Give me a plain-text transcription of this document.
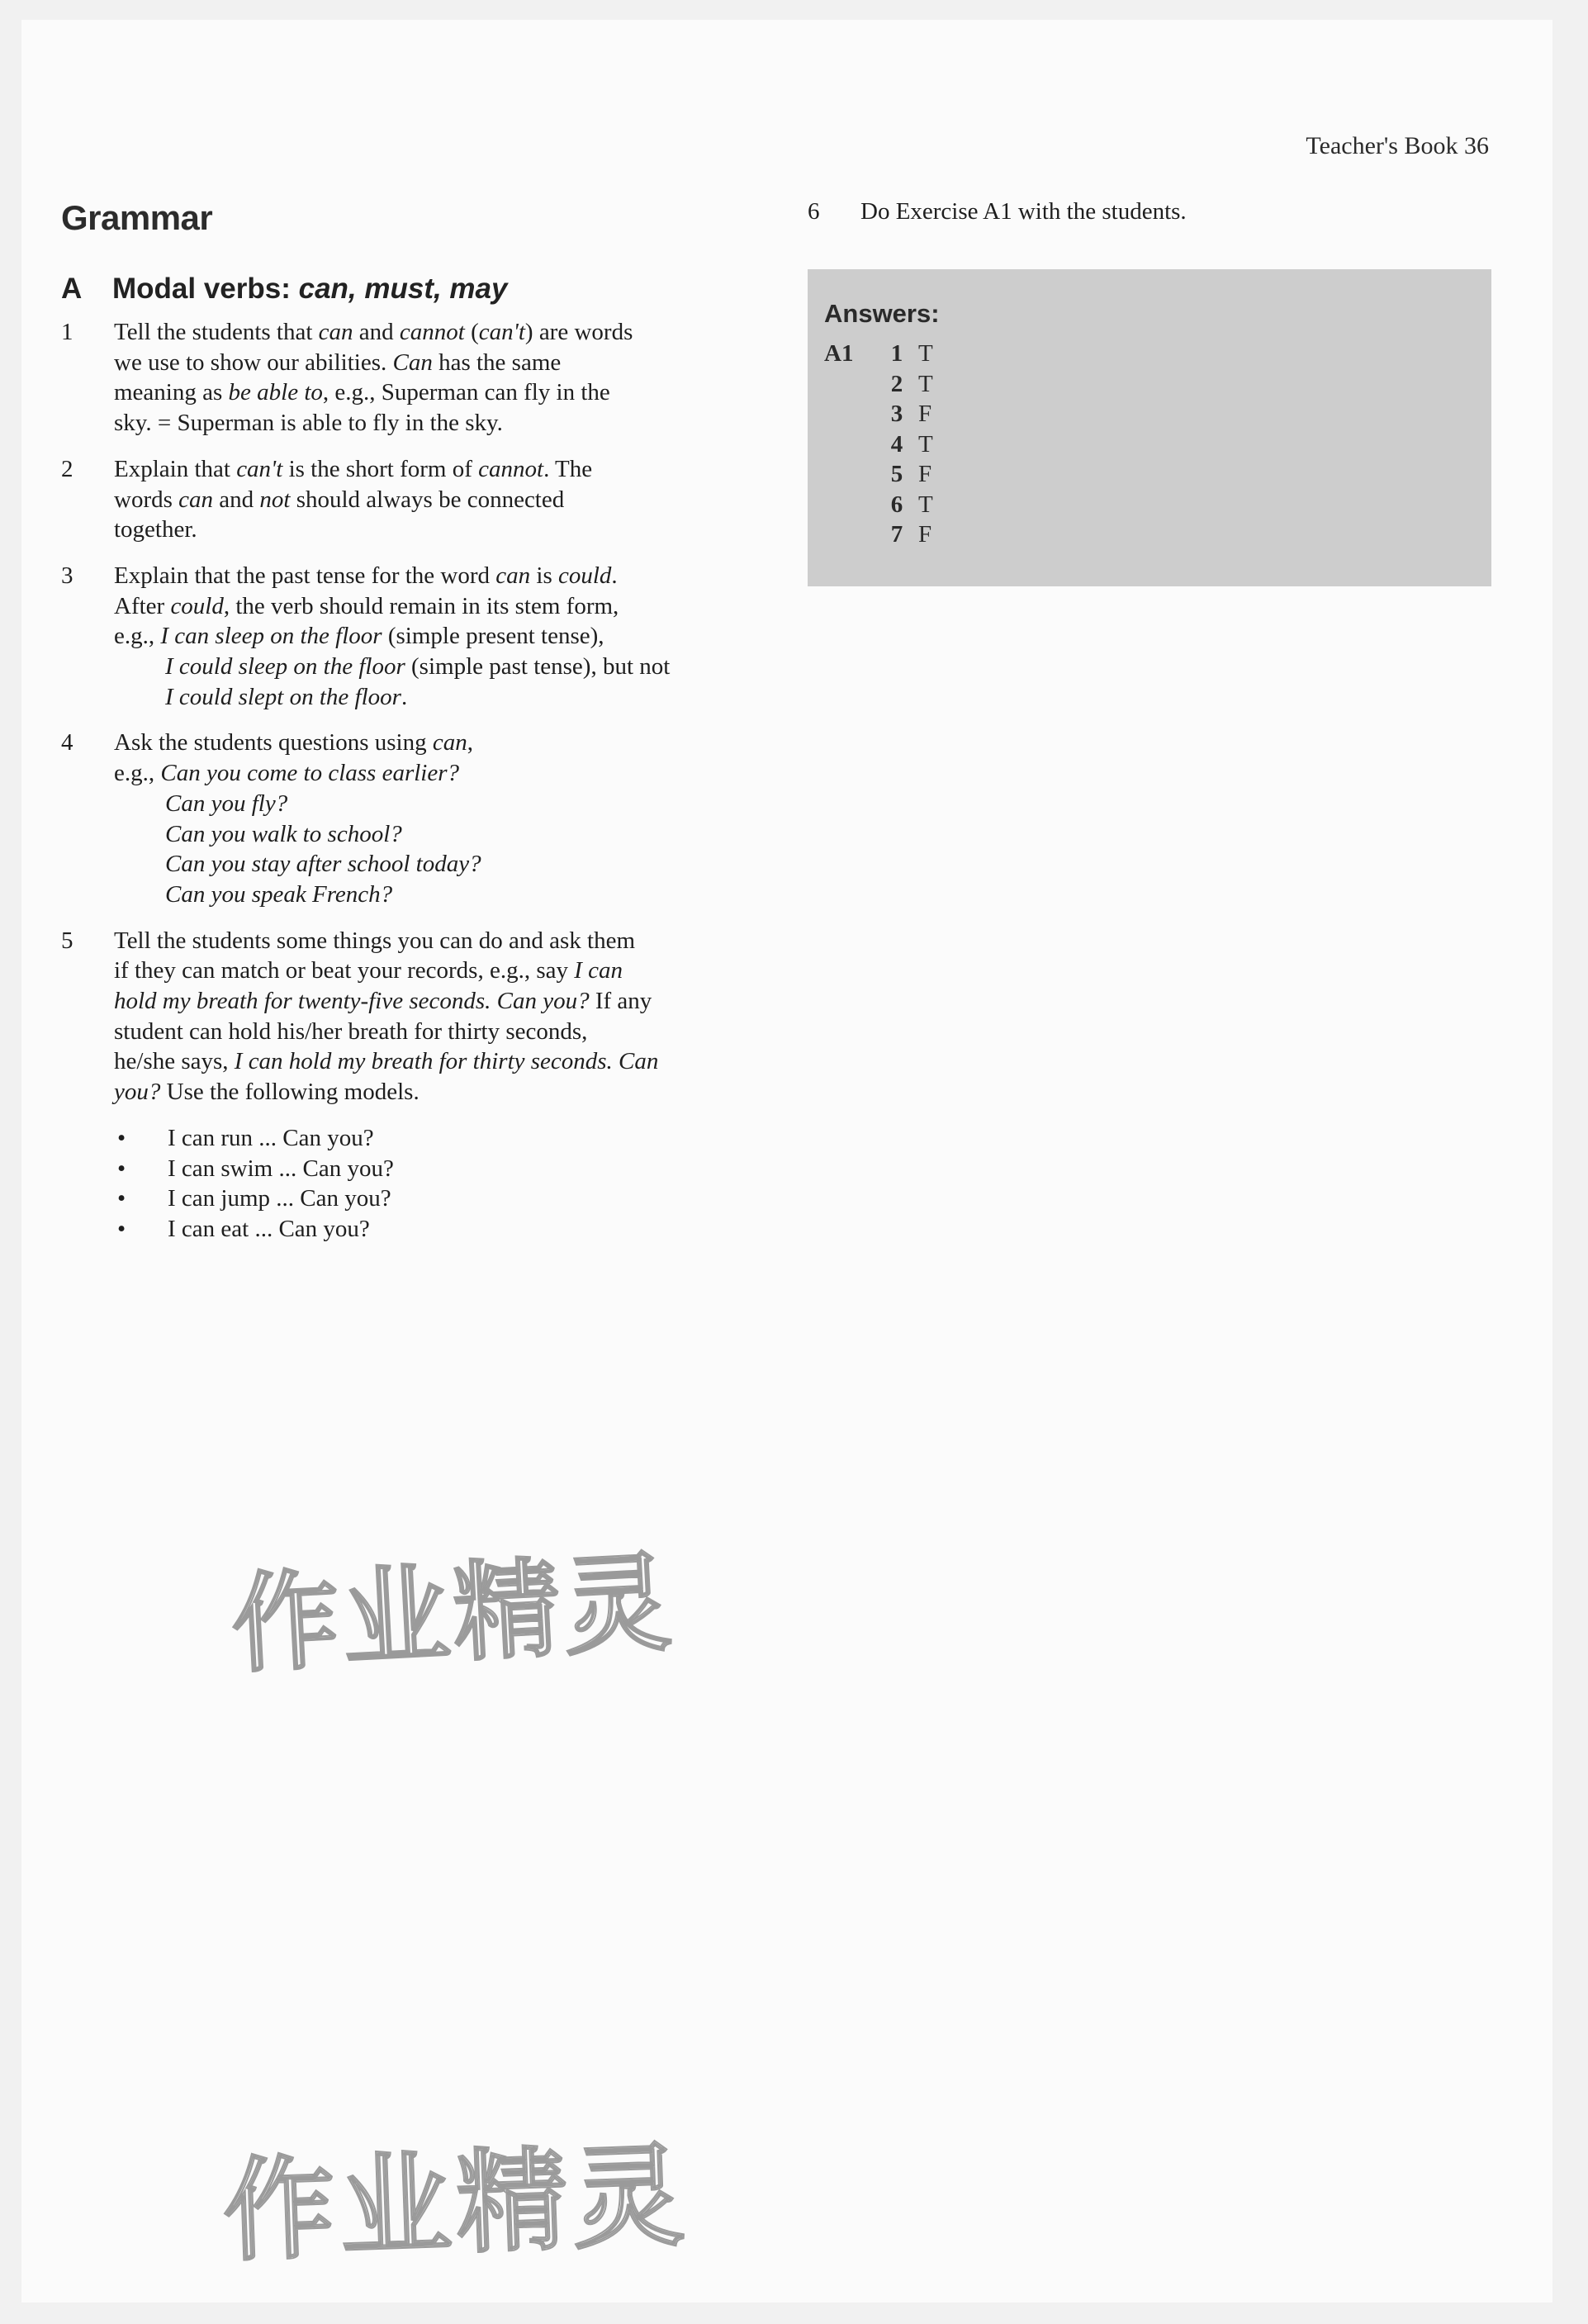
Teacher's Book 36
Grammar
A Modal verbs: can, must, may
1	Tell the students that can and cannot (can't) are words

we use to show our abilities. Can has the same

meaning as be able to, e.g., Superman can fly in the

sky. = Superman is able to fly in the sky.

2	Explain that can't is the short form of cannot. The

words can and not should always be connected

together.

3	Explain that the past tense for the word can is could.

After could, the verb should remain in its stem form,

e.g., I can sleep on the floor (simple present tense),

I could sleep on the floor (simple past tense), but not

I could slept on the floor.

4	Ask the students questions using can,

e.g., Can you come to class earlier?

Can you fly?

Can you walk to school?

Can you stay after school today?

Can you speak French?

5	Tell the students some things you can do and ask them

if they can match or beat your records, e.g., say I can

hold my breath for twenty-five seconds. Can you? If any

student can hold his/her breath for thirty seconds,

he/she says, I can hold my breath for thirty seconds. Can

you? Use the following models.

•	I can run ... Can you?
•	I can swim ... Can you?
•	I can jump ... Can you?
•	I can eat ... Can you?
6	Do Exercise A1 with the students.
Answers:
A1	1 T
2 T
3 F
4 T
5 F
6 T
7 F
作业精灵
作业精灵
